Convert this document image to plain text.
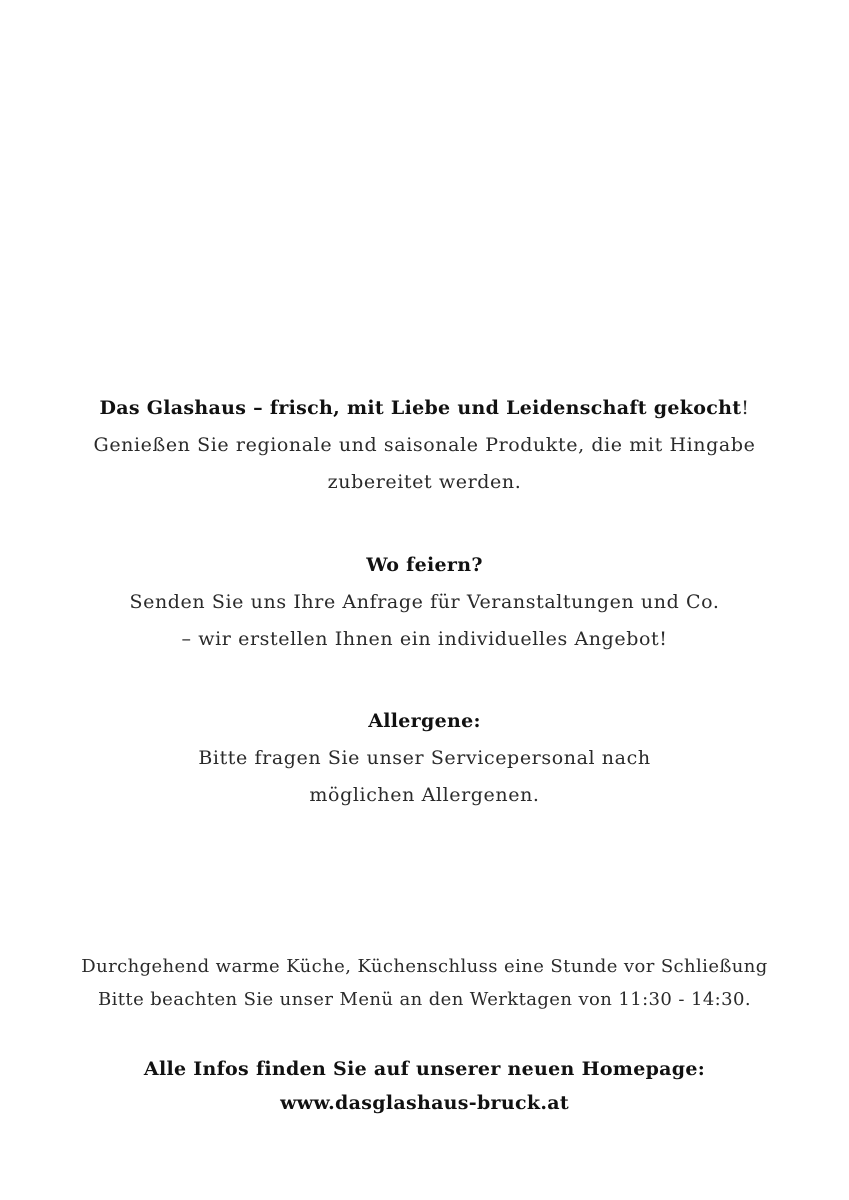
Das Glashaus – frisch, mit Liebe und Leidenschaft gekocht!
Genießen Sie regionale und saisonale Produkte, die mit Hingabe
zubereitet werden.
Wo feiern?
Senden Sie uns Ihre Anfrage für Veranstaltungen und Co.
– wir erstellen Ihnen ein individuelles Angebot!
Allergene:
Bitte fragen Sie unser Servicepersonal nach
möglichen Allergenen.
Durchgehend warme Küche, Küchenschluss eine Stunde vor Schließung
Bitte beachten Sie unser Menü an den Werktagen von 11:30 - 14:30.
Alle Infos finden Sie auf unserer neuen Homepage:
www.dasglashaus-bruck.at
